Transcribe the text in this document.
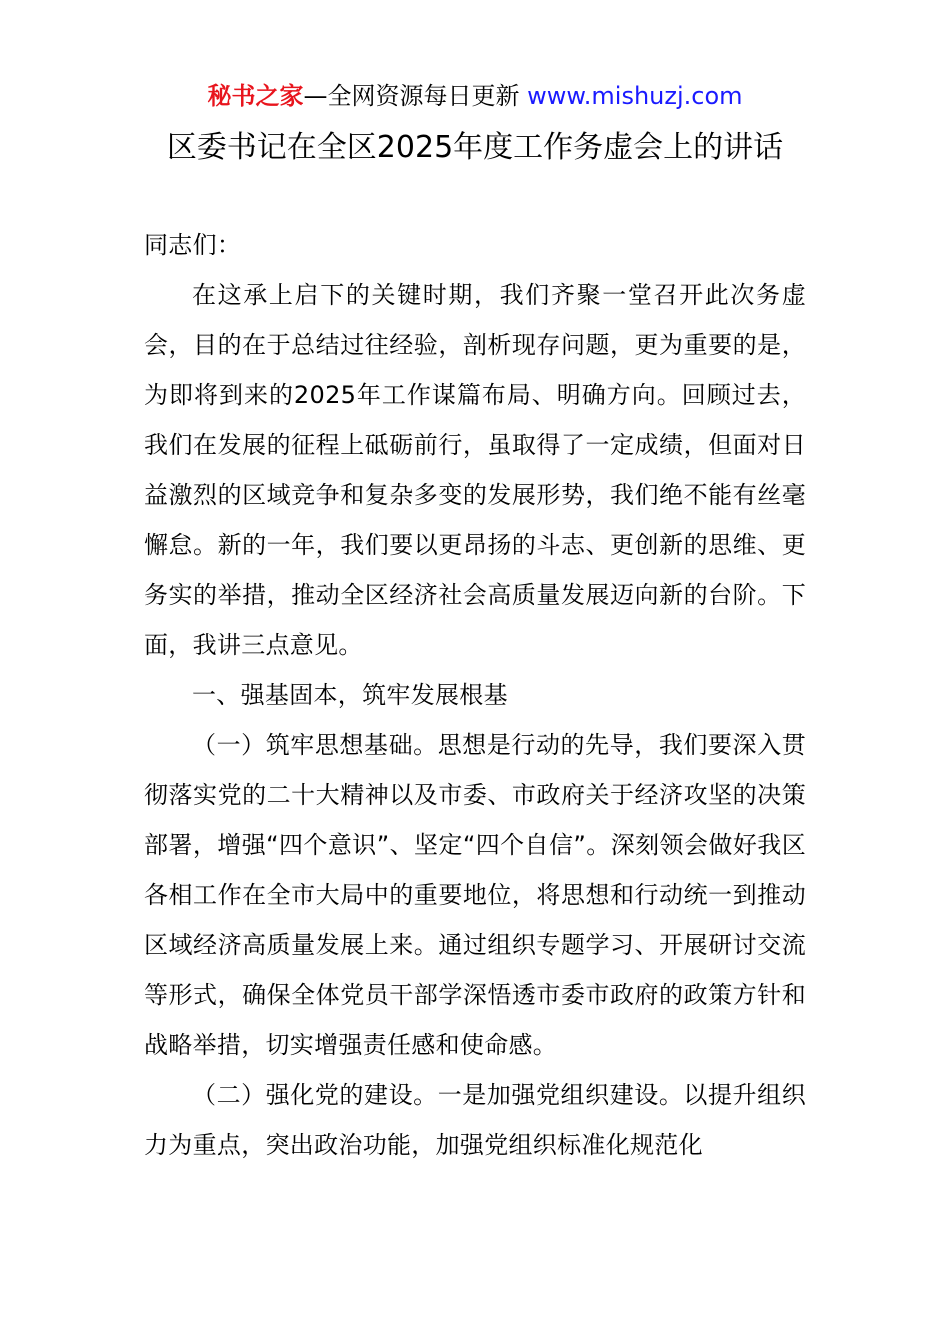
秘书之家—全网资源每日更新 www.mishuzj.com
区委书记在全区2025年度工作务虚会上的讲话

同志们：

在这承上启下的关键时期，我们齐聚一堂召开此次务虚会，目的在于总结过往经验，剖析现存问题，更为重要的是，为即将到来的2025年工作谋篇布局、明确方向。回顾过去，我们在发展的征程上砥砺前行，虽取得了一定成绩，但面对日益激烈的区域竞争和复杂多变的发展形势，我们绝不能有丝毫懈怠。新的一年，我们要以更昂扬的斗志、更创新的思维、更务实的举措，推动全区经济社会高质量发展迈向新的台阶。下面，我讲三点意见。

一、强基固本，筑牢发展根基

（一）筑牢思想基础。思想是行动的先导，我们要深入贯彻落实党的二十大精神以及市委、市政府关于经济攻坚的决策部署，增强“四个意识”、坚定“四个自信”。深刻领会做好我区各相工作在全市大局中的重要地位，将思想和行动统一到推动区域经济高质量发展上来。通过组织专题学习、开展研讨交流等形式，确保全体党员干部学深悟透市委市政府的政策方针和战略举措，切实增强责任感和使命感。

（二）强化党的建设。一是加强党组织建设。以提升组织力为重点，突出政治功能，加强党组织标准化规范化
